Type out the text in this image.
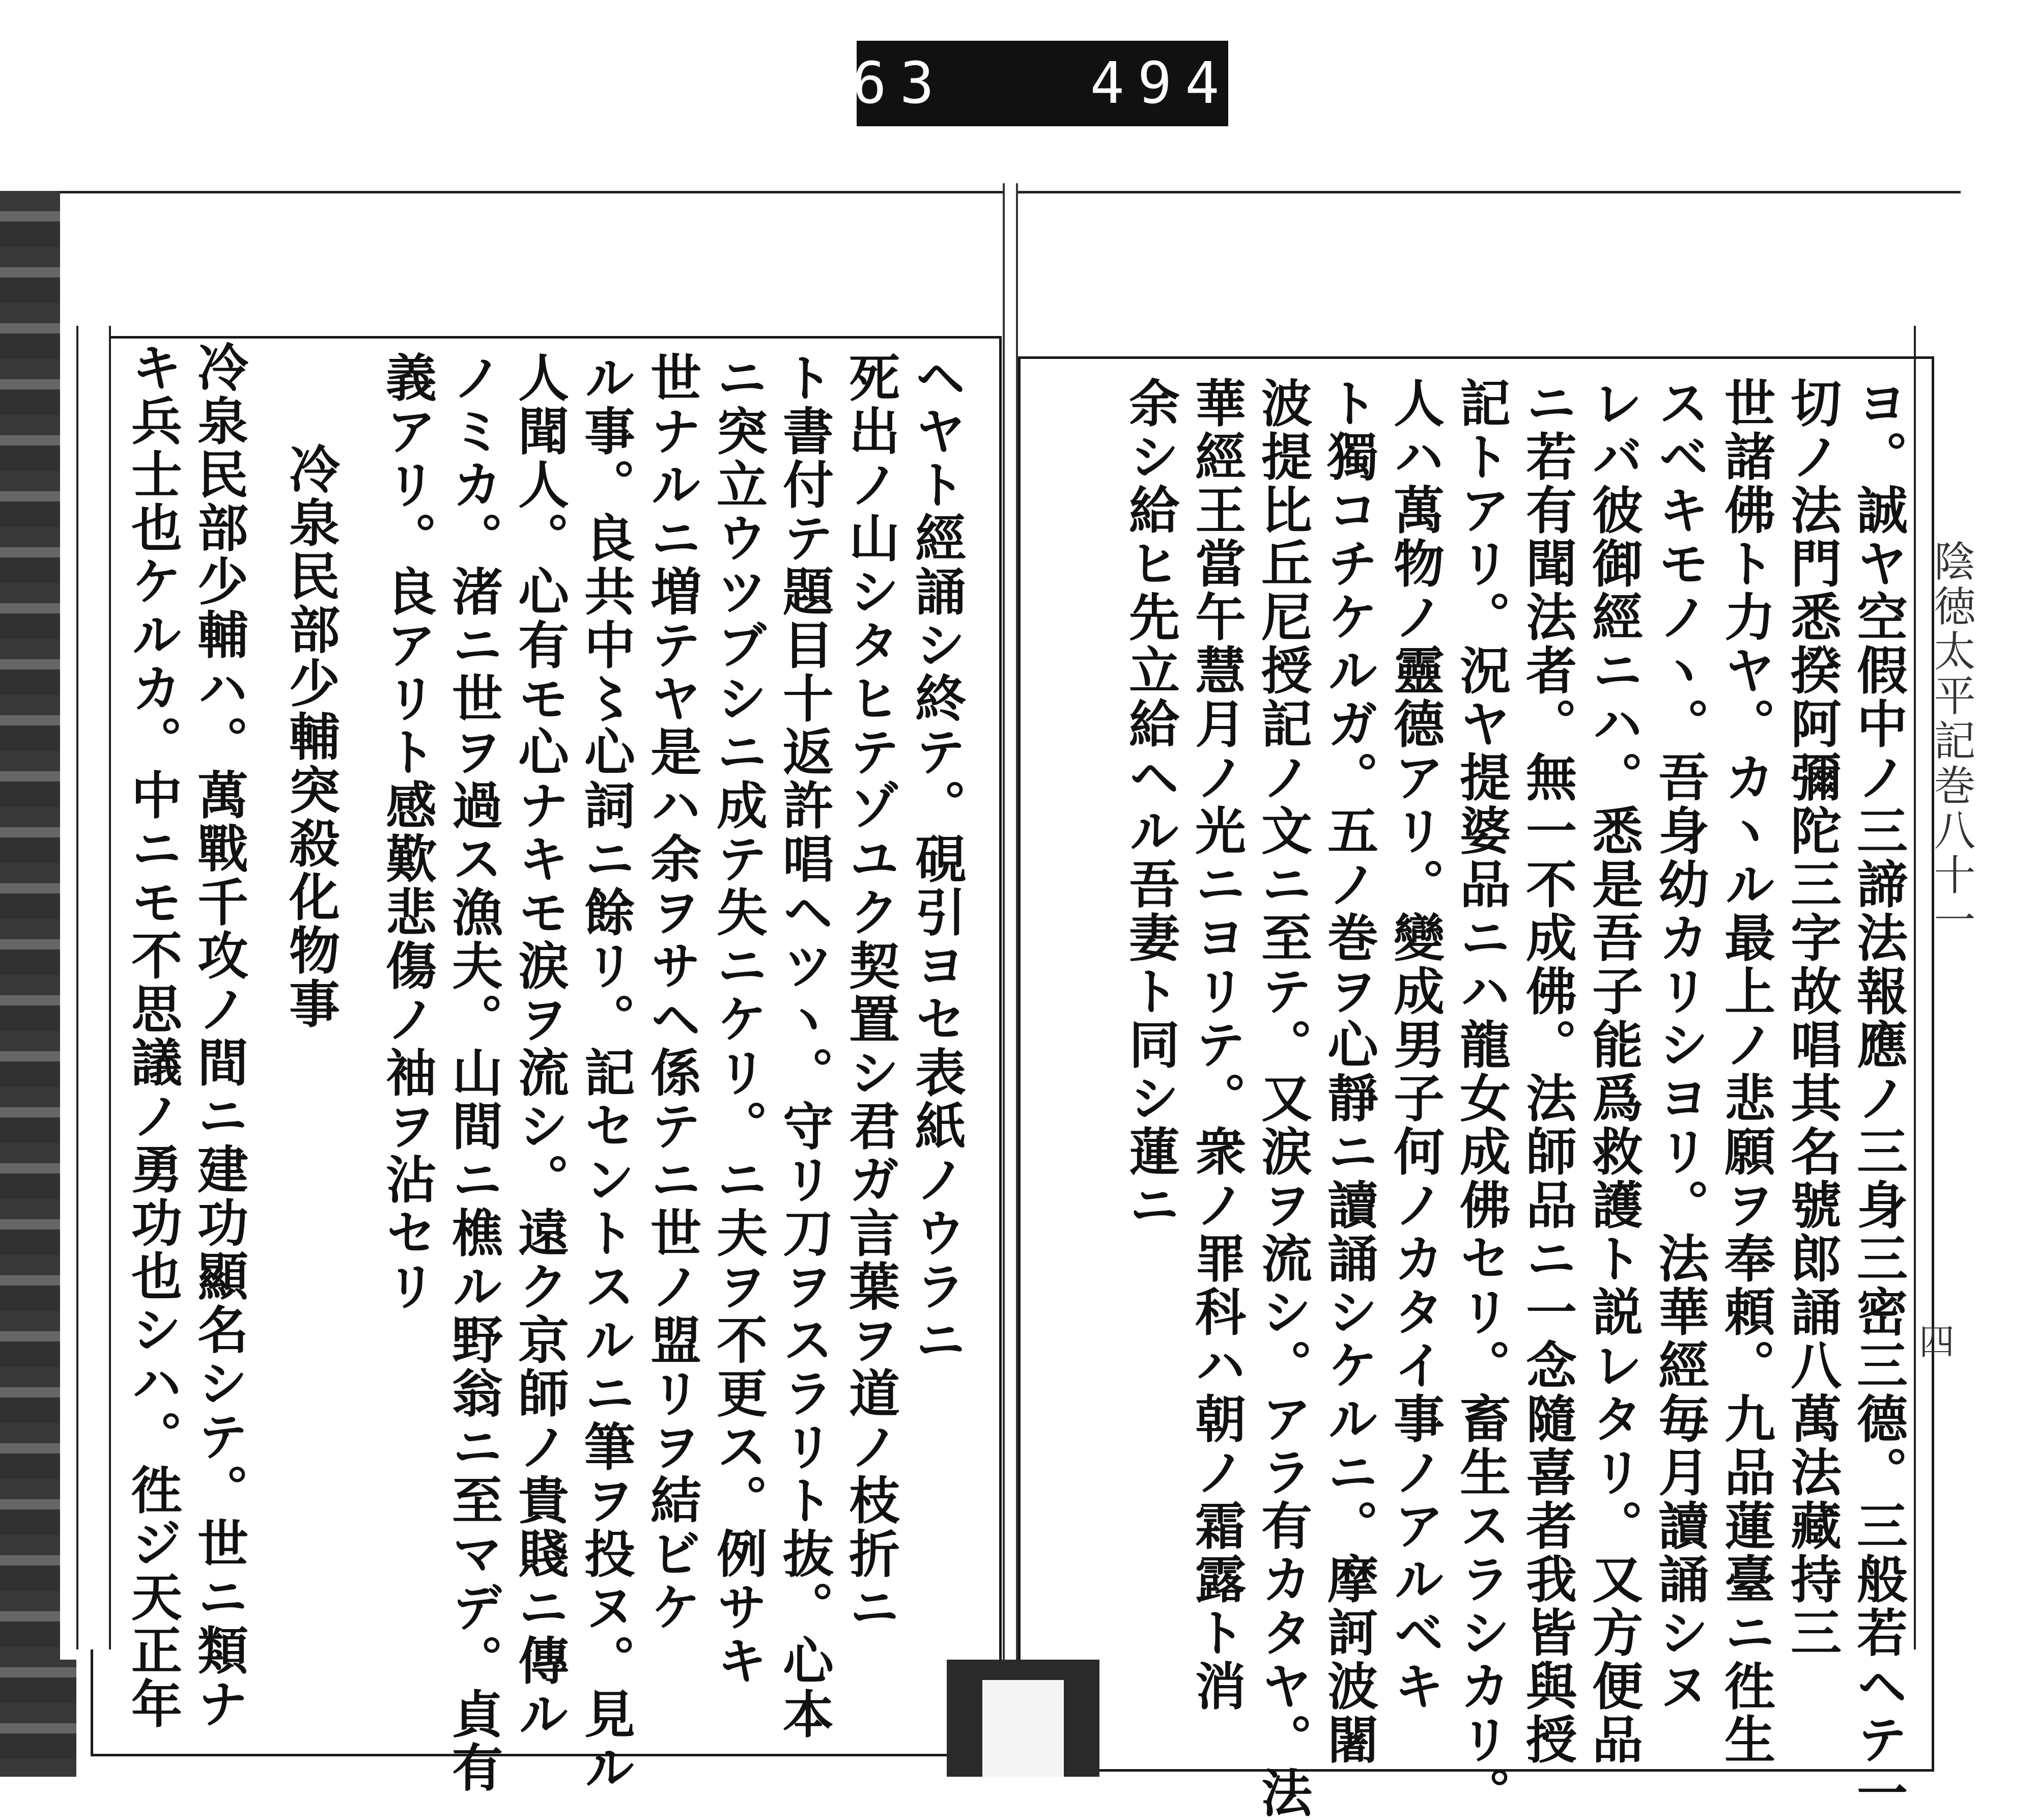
363   494.
陰徳太平記巻八十一
四
ヨ。誠ヤ空假中ノ三諦法報應ノ三身三密三德。三般若ヘテ一
切ノ法門悉揆阿彌陀三字故唱其名號郎誦八萬法藏持三
世諸佛ト力ヤ。カヽル最上ノ悲願ヲ奉頼。九品蓮臺ニ徃生
スベキモノヽ。吾身幼カリシヨリ。法華經毎月讀誦シヌ
レバ彼御經ニハ。悉是吾子能爲救護ト説レタリ。又方便品
ニ若有聞法者。無一不成佛。法師品ニ一念隨喜者我皆與授
記トアリ。況ヤ提婆品ニハ龍女成佛セリ。畜生スラシカリ。
人ハ萬物ノ靈德アリ。變成男子何ノカタイ事ノアルベキ
ト獨コチケルガ。五ノ巻ヲ心靜ニ讀誦シケルニ。摩訶波闍
波提比丘尼授記ノ文ニ至テ。又涙ヲ流シ。アラ有カタヤ。法
華經王當午慧月ノ光ニヨリテ。衆ノ罪科ハ朝ノ霜露ト消
余シ給ヒ先立給ヘル吾妻ト同シ蓮ニ
ヘヤト經誦シ終テ。硯引ヨセ表紙ノウラニ
死出ノ山シタヒテゾユク契置シ君ガ言葉ヲ道ノ枝折ニ
ト書付テ題目十返許唱ヘツヽ。守リ刀ヲスラリト抜。心本
ニ突立ウツブシニ成テ失ニケリ。ニ夫ヲ不更ス。例サキ
世ナルニ増テヤ是ハ余ヲサヘ係テニ世ノ盟リヲ結ビケ
ル事。良共中〻心詞ニ餘リ。記セントスルニ筆ヲ投ヌ。見ル
人聞人。心有モ心ナキモ涙ヲ流シ。遠ク京師ノ貴賤ニ傳ル
ノミカ。渚ニ世ヲ過ス漁夫。山間ニ樵ル野翁ニ至マデ。貞有
義アリ。良アリト感歎悲傷ノ袖ヲ沾セリ
冷泉民部少輔突殺化物事
冷泉民部少輔ハ。萬戰千攻ノ間ニ建功顯名シテ。世ニ類ナ
キ兵士也ケルカ。中ニモ不思議ノ勇功也シハ。徃ジ天正年
